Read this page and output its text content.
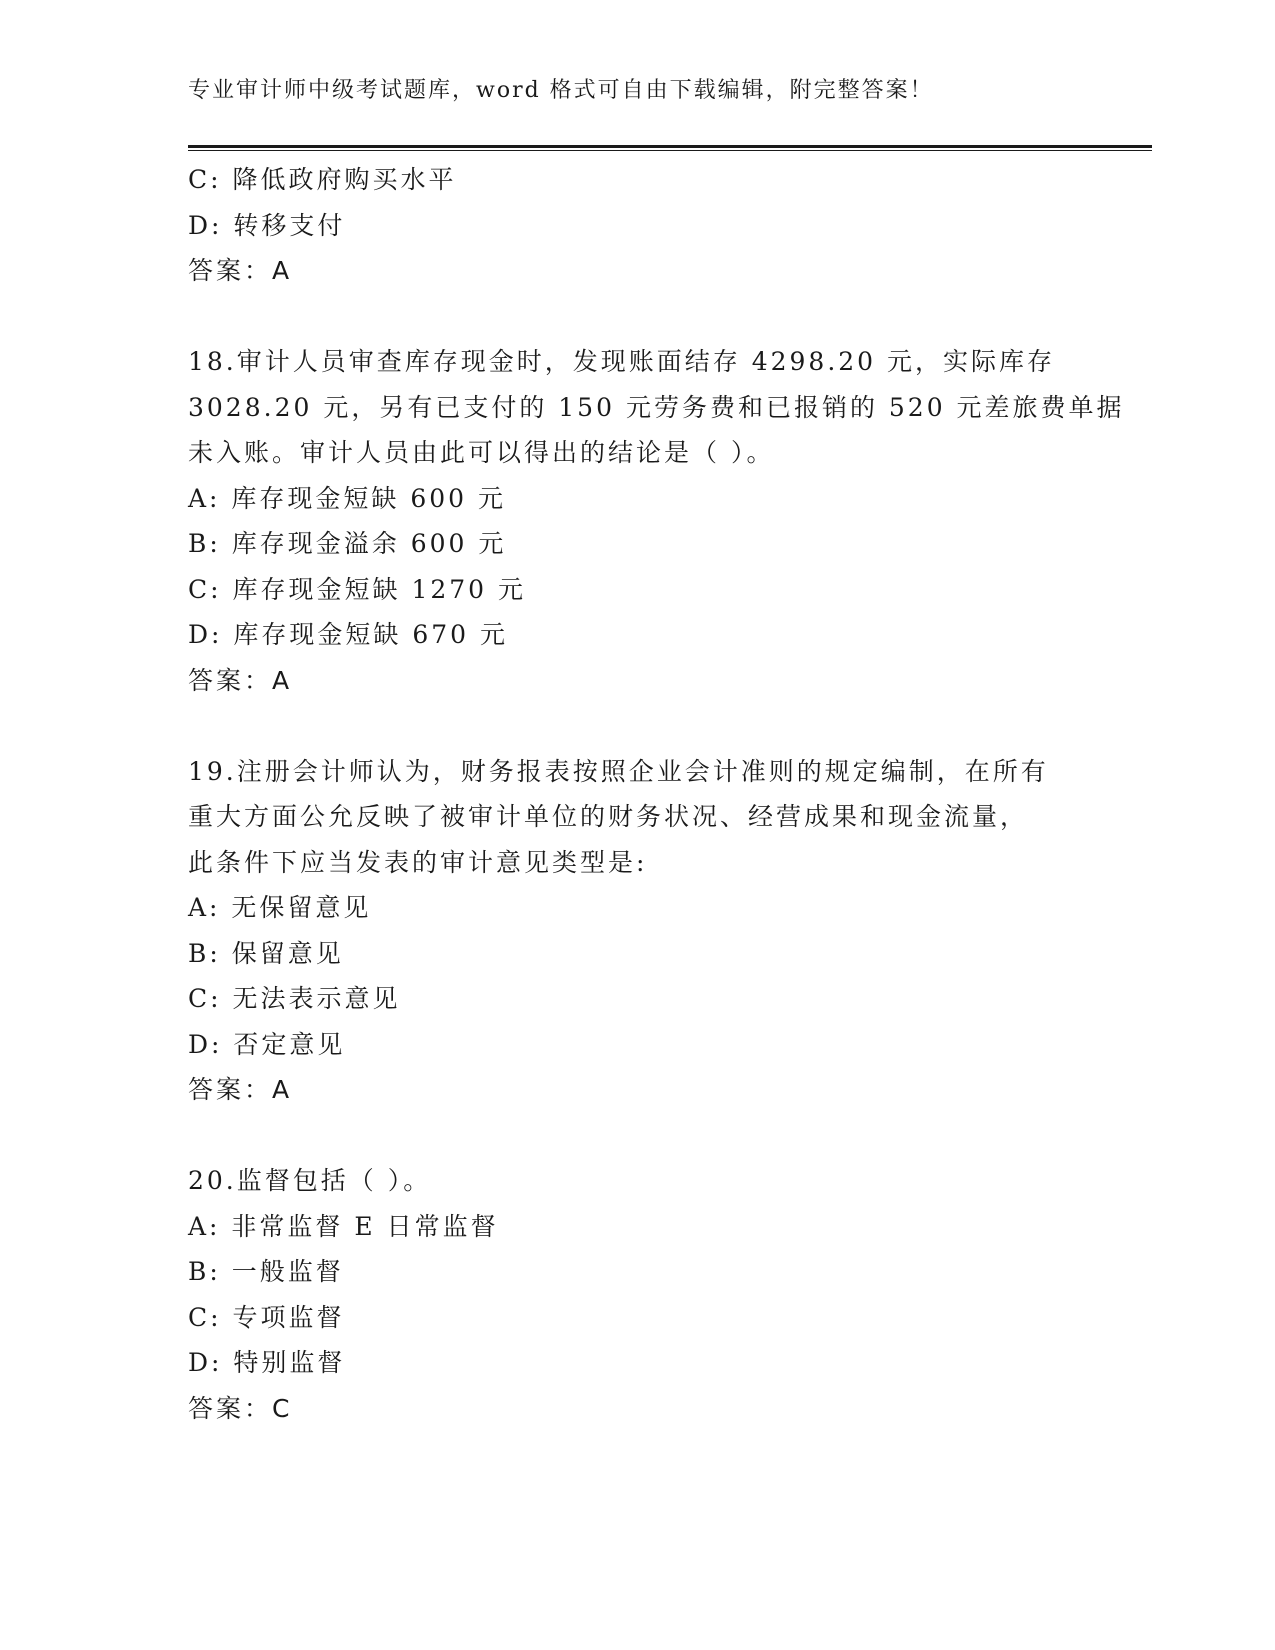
专业审计师中级考试题库，word 格式可自由下载编辑，附完整答案！
C: 降低政府购买水平
D: 转移支付
答案：A
18.审计人员审查库存现金时，发现账面结存 4298.20 元，实际库存
3028.20 元，另有已支付的 150 元劳务费和已报销的 520 元差旅费单据
未入账。审计人员由此可以得出的结论是（ ）。
A: 库存现金短缺 600 元
B: 库存现金溢余 600 元
C: 库存现金短缺 1270 元
D: 库存现金短缺 670 元
答案：A
19.注册会计师认为，财务报表按照企业会计准则的规定编制，在所有
重大方面公允反映了被审计单位的财务状况、经营成果和现金流量，
此条件下应当发表的审计意见类型是:
A: 无保留意见
B: 保留意见
C: 无法表示意见
D: 否定意见
答案：A
20.监督包括（ ）。
A: 非常监督 E 日常监督
B: 一般监督
C: 专项监督
D: 特别监督
答案：C
